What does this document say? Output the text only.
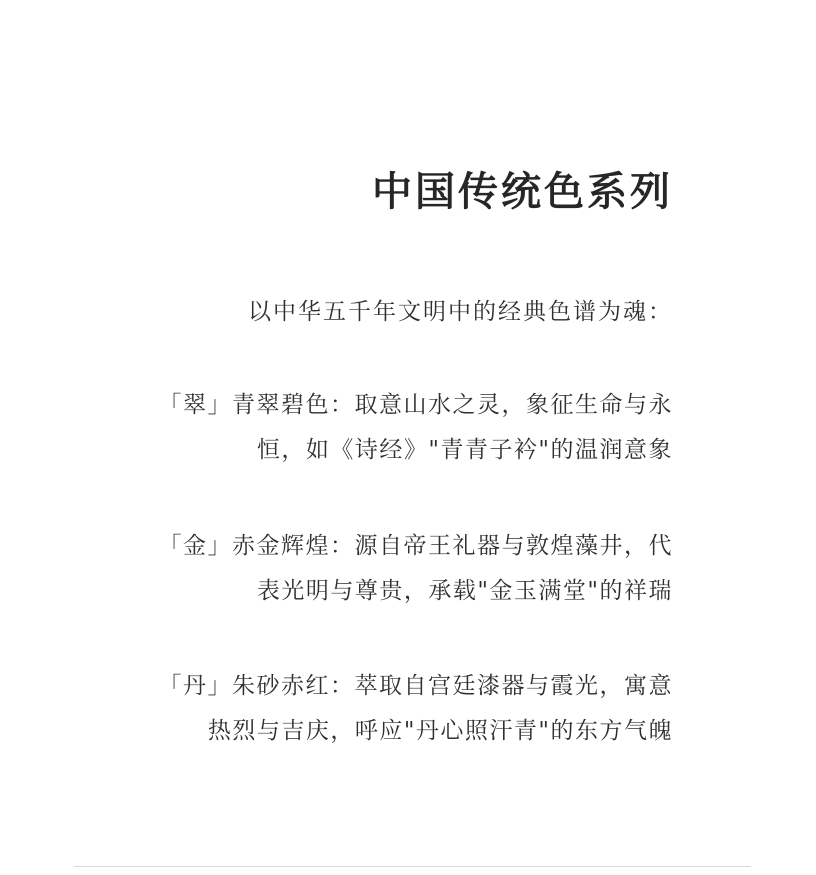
中国传统色系列

以中华五千年文明中的经典色谱为魂：

「翠」青翠碧色：取意山水之灵，象征生命与永

恒，如《诗经》"青青子衿"的温润意象

「金」赤金辉煌：源自帝王礼器与敦煌藻井，代

表光明与尊贵，承载"金玉满堂"的祥瑞

「丹」朱砂赤红：萃取自宫廷漆器与霞光，寓意

热烈与吉庆，呼应"丹心照汗青"的东方气魄
